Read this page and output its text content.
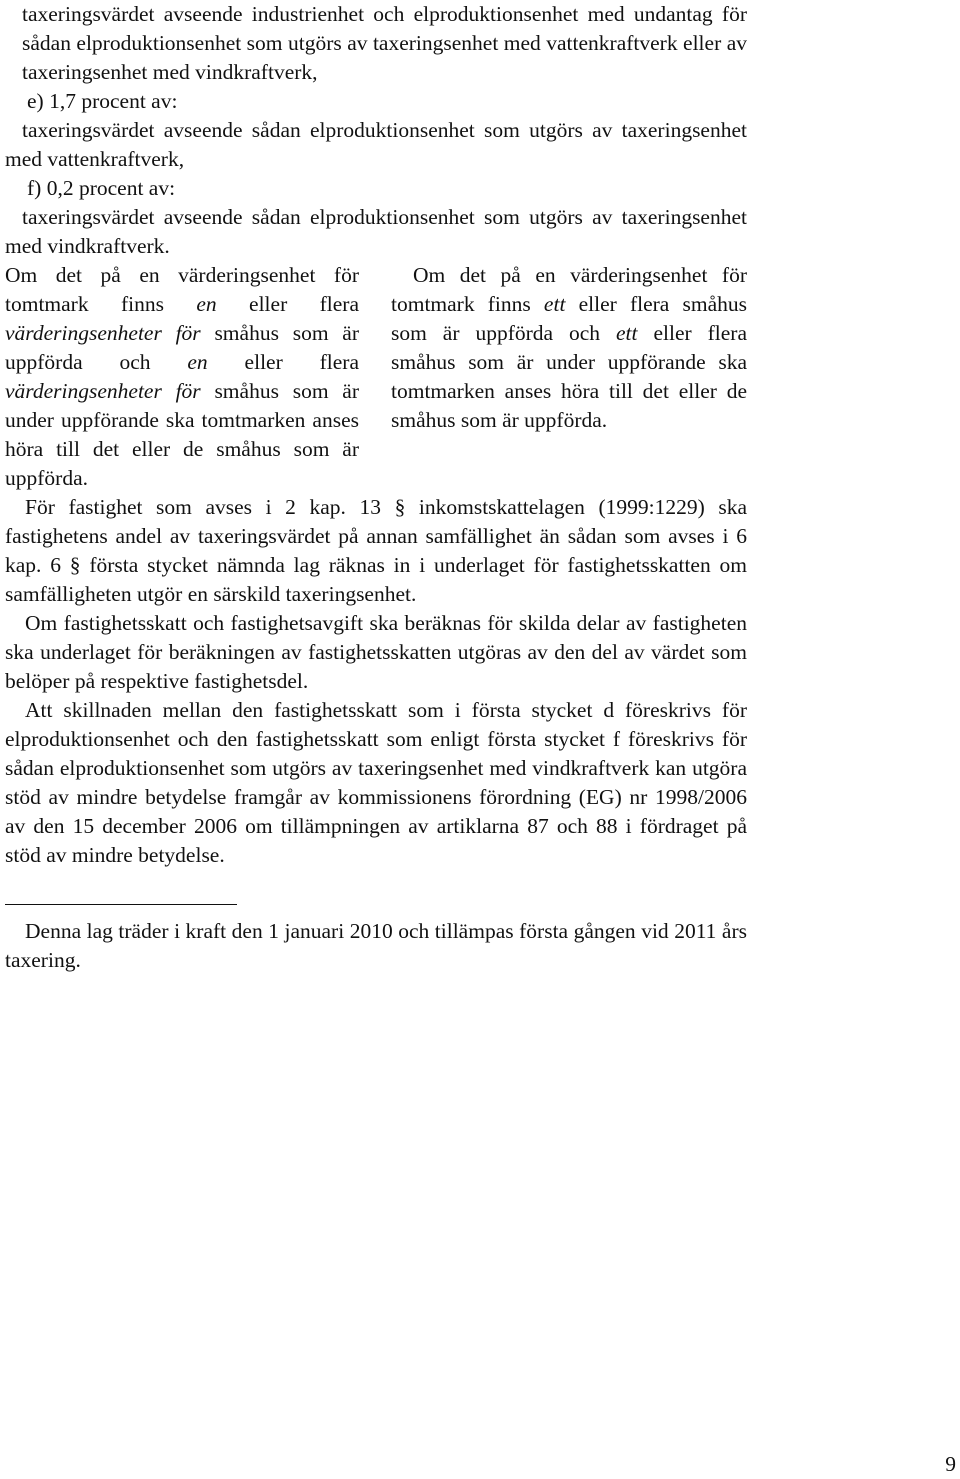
taxeringsvärdet avseende industrienhet och elproduktionsenhet med undantag för sådan elproduktionsenhet som utgörs av taxeringsenhet med vattenkraftverk eller av taxeringsenhet med vindkraftverk,

e) 1,7 procent av:

taxeringsvärdet avseende sådan elproduktionsenhet som utgörs av taxeringsenhet med vattenkraftverk,

f) 0,2 procent av:

taxeringsvärdet avseende sådan elproduktionsenhet som utgörs av taxeringsenhet med vindkraftverk.

Om det på en värderingsenhet för tomtmark finns en eller flera värderingsenheter för småhus som är uppförda och en eller flera värderingsenheter för småhus som är under uppförande ska tomtmarken anses höra till det eller de småhus som är uppförda.

Om det på en värderingsenhet för tomtmark finns ett eller flera småhus som är uppförda och ett eller flera småhus som är under uppförande ska tomtmarken anses höra till det eller de småhus som är uppförda.

För fastighet som avses i 2 kap. 13 § inkomstskattelagen (1999:1229) ska fastighetens andel av taxeringsvärdet på annan samfällighet än sådan som avses i 6 kap. 6 § första stycket nämnda lag räknas in i underlaget för fastighetsskatten om samfälligheten utgör en särskild taxeringsenhet.

Om fastighetsskatt och fastighetsavgift ska beräknas för skilda delar av fastigheten ska underlaget för beräkningen av fastighetsskatten utgöras av den del av värdet som belöper på respektive fastighetsdel.

Att skillnaden mellan den fastighetsskatt som i första stycket d föreskrivs för elproduktionsenhet och den fastighetsskatt som enligt första stycket f föreskrivs för sådan elproduktionsenhet som utgörs av taxeringsenhet med vindkraftverk kan utgöra stöd av mindre betydelse framgår av kommissionens förordning (EG) nr 1998/2006 av den 15 december 2006 om tillämpningen av artiklarna 87 och 88 i fördraget på stöd av mindre betydelse.

Denna lag träder i kraft den 1 januari 2010 och tillämpas första gången vid 2011 års taxering.

9
